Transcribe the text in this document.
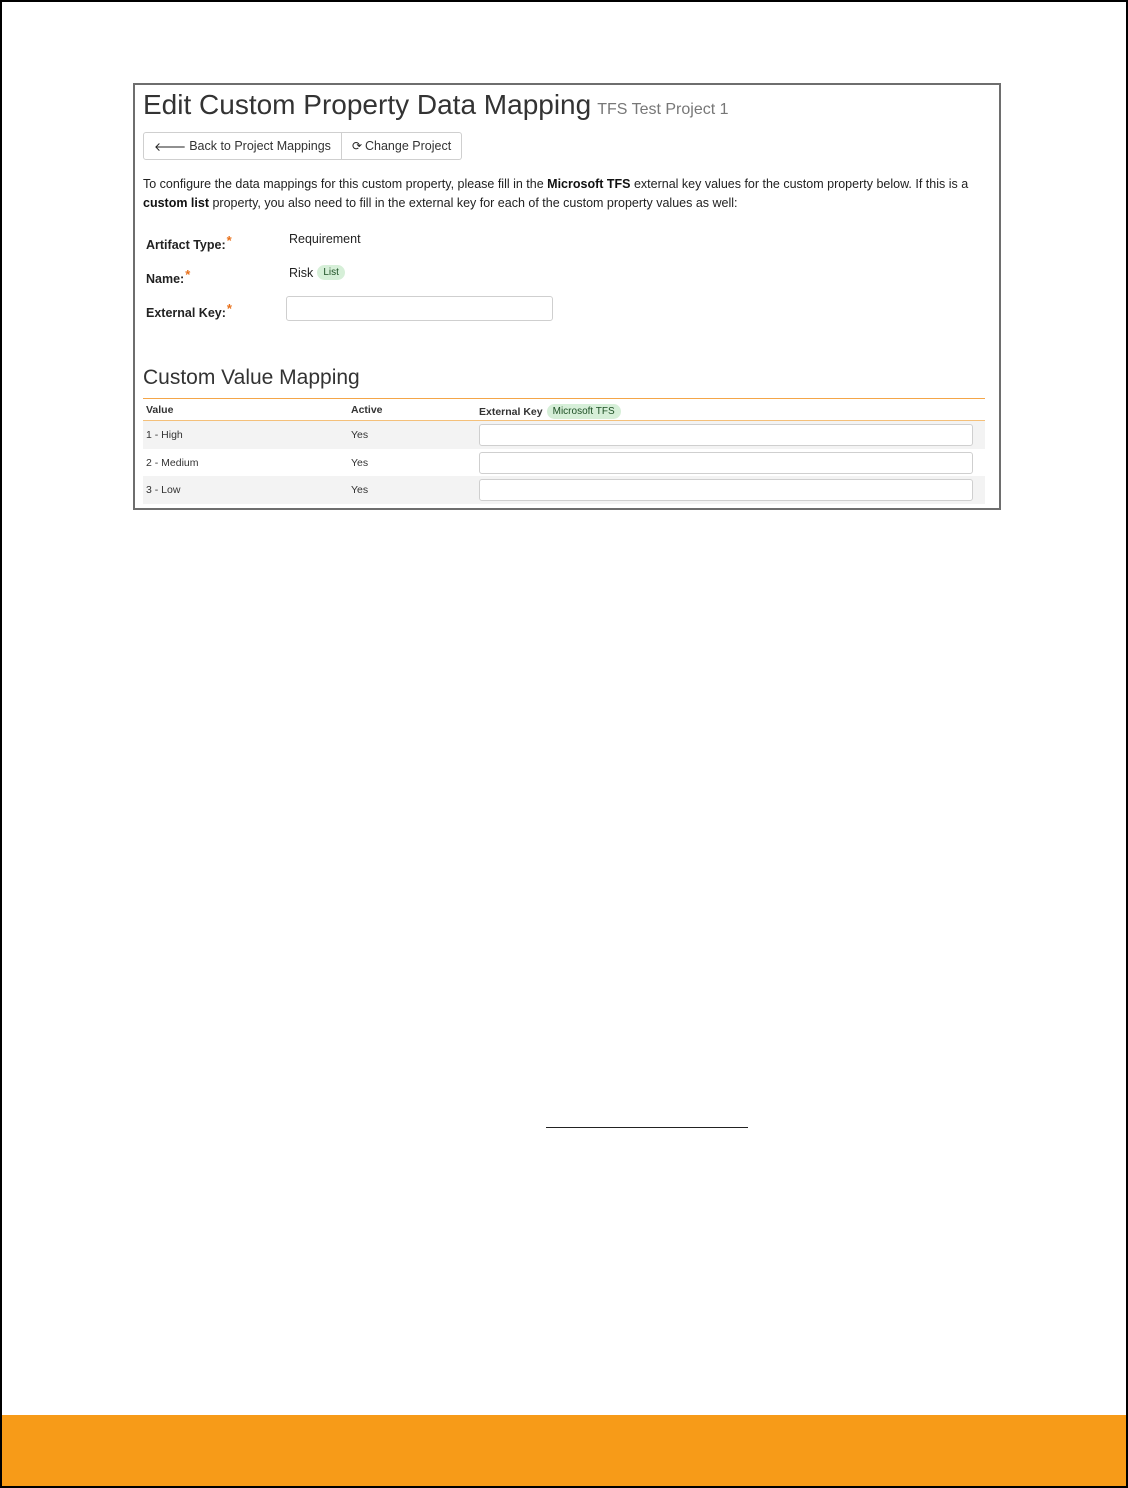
Edit Custom Property Data Mapping TFS Test Project 1
🡐 Back to Project Mappings ⟳ Change Project

To configure the data mappings for this custom property, please fill in the Microsoft TFS external key values for the custom property below. If this is a custom list property, you also need to fill in the external key for each of the custom property values as well:

Artifact Type:*	Requirement
Name:*	Risk	List
External Key:*
Custom Value Mapping
Value	Active	External Key	Microsoft TFS
1 - High	Yes
2 - Medium	Yes
3 - Low	Yes
